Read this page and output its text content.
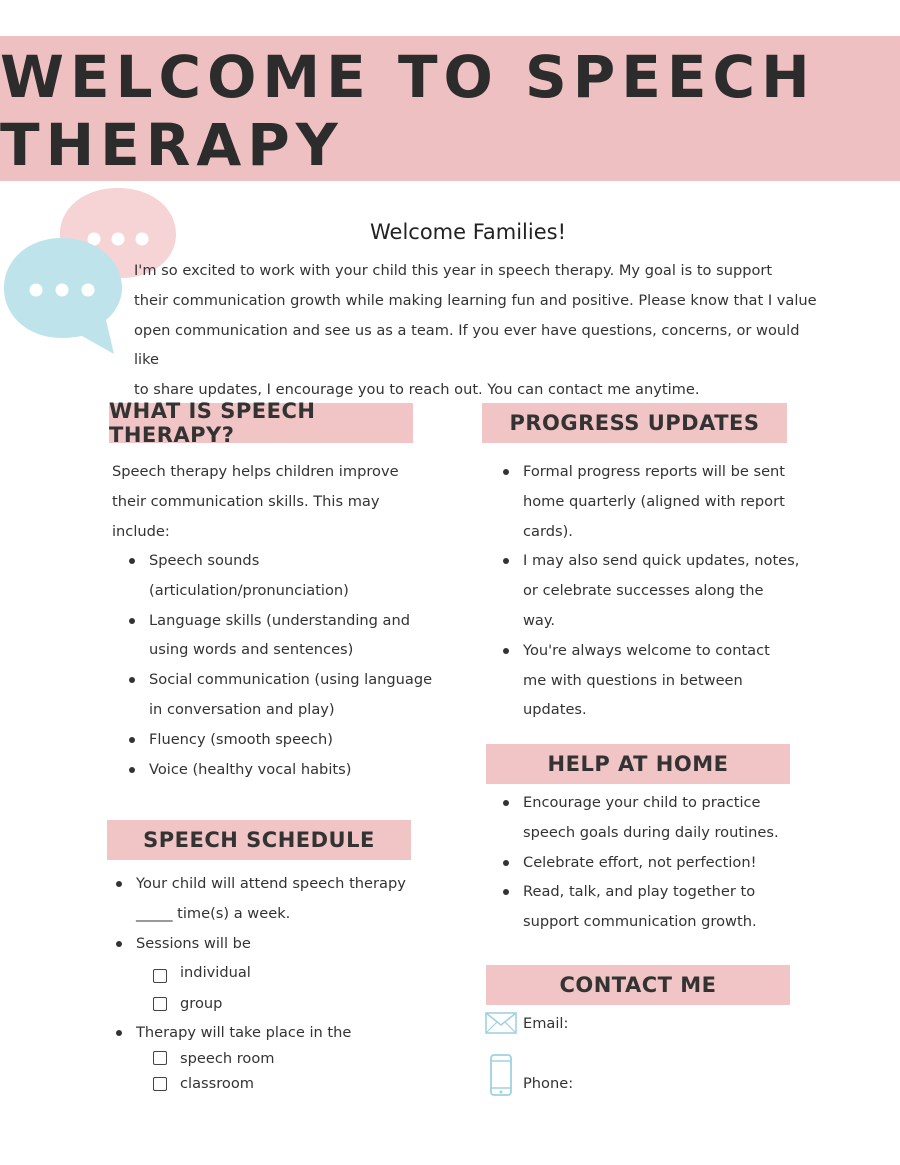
WELCOME TO SPEECH THERAPY
Welcome Families!
I'm so excited to work with your child this year in speech therapy. My goal is to support
their communication growth while making learning fun and positive. Please know that I value
open communication and see us as a team. If you ever have questions, concerns, or would like
to share updates, I encourage you to reach out. You can contact me anytime.
WHAT IS SPEECH THERAPY?
Speech therapy helps children improve
their communication skills. This may
include:
Speech sounds
(articulation/pronunciation)
Language skills (understanding and
using words and sentences)
Social communication (using language
in conversation and play)
Fluency (smooth speech)
Voice (healthy vocal habits)
SPEECH SCHEDULE
Your child will attend speech therapy
_____ time(s) a week.
Sessions will be
individual
group
Therapy will take place in the
speech room
classroom
PROGRESS UPDATES
Formal progress reports will be sent
home quarterly (aligned with report
cards).
I may also send quick updates, notes,
or celebrate successes along the
way.
You're always welcome to contact
me with questions in between
updates.
HELP AT HOME
Encourage your child to practice
speech goals during daily routines.
Celebrate effort, not perfection!
Read, talk, and play together to
support communication growth.
CONTACT ME
Email:
Phone:
